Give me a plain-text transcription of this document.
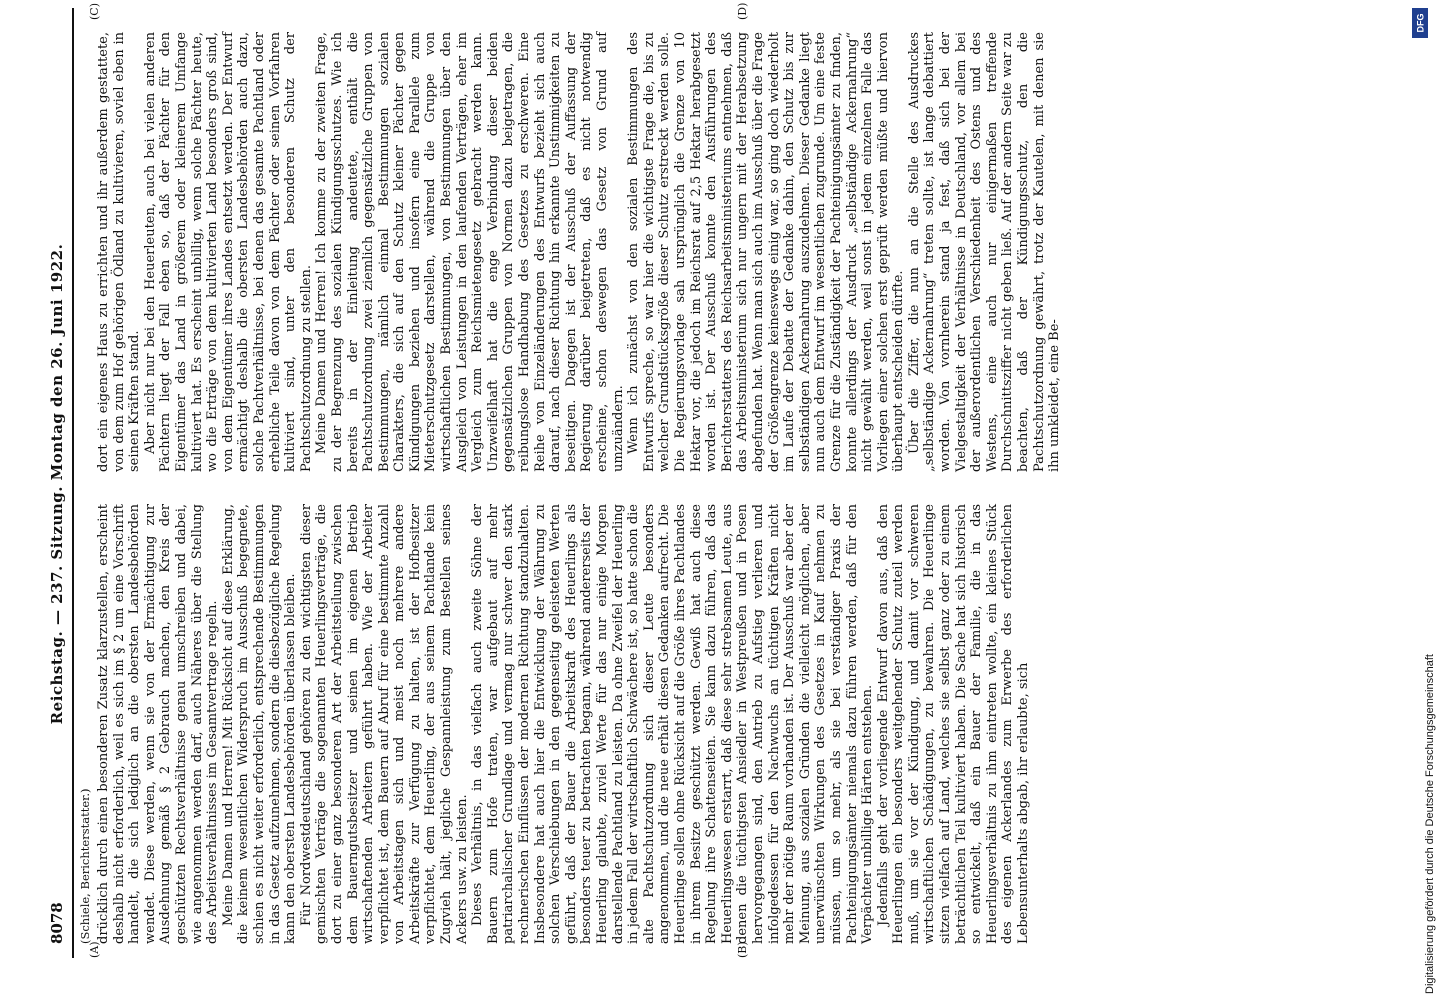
8078
Reichstag. — 237. Sitzung. Montag den 26. Juni 1922.
(Schiele, Berichterstatter.)
(A)	(B)
(C)	(D)

drücklich durch einen besonderen Zusatz klarzustellen, erscheint deshalb nicht erforderlich, weil es sich im § 2 um eine Vorschrift handelt, die sich lediglich an die obersten Landesbehörden wendet. Diese werden, wenn sie von der Ermächtigung zur Ausdehnung gemäß § 2 Gebrauch machen, den Kreis der geschützten Rechtsverhältnisse genau umschreiben und dabei, wie angenommen werden darf, auch Näheres über die Stellung des Arbeitsverhältnisses im Gesamtvertrage regeln. Meine Damen und Herren! Mit Rücksicht auf diese Erklärung, die keinem wesentlichen Widerspruch im Ausschuß begegnete, schien es nicht weiter erforderlich, entsprechende Bestimmungen in das Gesetz aufzunehmen, sondern die diesbezügliche Regelung kann den obersten Landesbehörden überlassen bleiben. Für Nordwestdeutschland gehören zu den wichtigsten dieser gemischten Verträge die sogenannten Heuerlingsverträge, die dort zu einer ganz besonderen Art der Arbeitsteilung zwischen dem Bauerngutsbesitzer und seinen im eigenen Betrieb wirtschaftenden Arbeitern geführt haben. Wie der Arbeiter verpflichtet ist, dem Bauern auf Abruf für eine bestimmte Anzahl von Arbeitstagen sich und meist noch mehrere andere Arbeitskräfte zur Verfügung zu halten, ist der Hofbesitzer verpflichtet, dem Heuerling, der aus seinem Pachtlande kein Zugvieh hält, jegliche Gespannleistung zum Bestellen seines Ackers usw. zu leisten. Dieses Verhältnis, in das vielfach auch zweite Söhne der Bauern zum Hofe traten, war aufgebaut auf mehr patriarchalischer Grundlage und vermag nur schwer den stark rechnerischen Einflüssen der modernen Richtung standzuhalten. Insbesondere hat auch hier die Entwicklung der Währung zu solchen Verschiebungen in den gegenseitig geleisteten Werten geführt, daß der Bauer die Arbeitskraft des Heuerlings als besonders teuer zu betrachten begann, während andererseits der Heuerling glaubte, zuviel Werte für das nur einige Morgen darstellende Pachtland zu leisten. Da ohne Zweifel der Heuerling in jedem Fall der wirtschaftlich Schwächere ist, so hatte schon die alte Pachtschutzordnung sich dieser Leute besonders angenommen, und die neue erhält diesen Gedanken aufrecht. Die Heuerlinge sollen ohne Rücksicht auf die Größe ihres Pachtlandes in ihrem Besitze geschützt werden. Gewiß hat auch diese Regelung ihre Schattenseiten. Sie kann dazu führen, daß das Heuerlingswesen erstarrt, daß diese sehr strebsamen Leute, aus denen die tüchtigsten Ansiedler in Westpreußen und in Posen hervorgegangen sind, den Antrieb zu Aufstieg verlieren und infolgedessen für den Nachwuchs an tüchtigen Kräften nicht mehr der nötige Raum vorhanden ist. Der Ausschuß war aber der Meinung, aus sozialen Gründen die vielleicht möglichen, aber unerwünschten Wirkungen des Gesetzes in Kauf nehmen zu müssen, um so mehr, als sie bei verständiger Praxis der Pachteinigungsämter niemals dazu führen werden, daß für den Verpächter unbillige Härten entstehen. Jedenfalls geht der vorliegende Entwurf davon aus, daß den Heuerlingen ein besonders weitgehender Schutz zuteil werden muß, um sie vor der Kündigung, und damit vor schweren wirtschaftlichen Schädigungen, zu bewahren. Die Heuerlinge sitzen vielfach auf Land, welches sie selbst ganz oder zu einem beträchtlichen Teil kultiviert haben. Die Sache hat sich historisch so entwickelt, daß ein Bauer der Familie, die in das Heuerlingsverhältnis zu ihm eintreten wollte, ein kleines Stück des eigenen Ackerlandes zum Erwerbe des erforderlichen Lebensunterhalts abgab, ihr erlaubte, sich

dort ein eigenes Haus zu errichten und ihr außerdem gestattete, von dem zum Hof gehörigen Ödland zu kultivieren, soviel eben in seinen Kräften stand. Aber nicht nur bei den Heuerleuten, auch bei vielen anderen Pächtern liegt der Fall eben so, daß der Pächter für den Eigentümer das Land in größerem oder kleinerem Umfange kultiviert hat. Es erscheint unbillig, wenn solche Pächter heute, wo die Erträge von dem kultivierten Land besonders groß sind, von dem Eigentümer ihres Landes entsetzt werden. Der Entwurf ermächtigt deshalb die obersten Landesbehörden auch dazu, solche Pachtverhältnisse, bei denen das gesamte Pachtland oder erhebliche Teile davon von dem Pächter oder seinen Vorfahren kultiviert sind, unter den besonderen Schutz der Pachtschutzordnung zu stellen. Meine Damen und Herren! Ich komme zu der zweiten Frage, zu der Begrenzung des sozialen Kündigungsschutzes. Wie ich bereits in der Einleitung andeutete, enthält die Pachtschutzordnung zwei ziemlich gegensätzliche Gruppen von Bestimmungen, nämlich einmal Bestimmungen sozialen Charakters, die sich auf den Schutz kleiner Pächter gegen Kündigungen beziehen und insofern eine Parallele zum Mieterschutzgesetz darstellen, während die Gruppe von wirtschaftlichen Bestimmungen, von Bestimmungen über den Ausgleich von Leistungen in den laufenden Verträgen, eher im Vergleich zum Reichsmietengesetz gebracht werden kann. Unzweifelhaft hat die enge Verbindung dieser beiden gegensätzlichen Gruppen von Normen dazu beigetragen, die reibungslose Handhabung des Gesetzes zu erschweren. Eine Reihe von Einzeländerungen des Entwurfs bezieht sich auch darauf, nach dieser Richtung hin erkannte Unstimmigkeiten zu beseitigen. Dagegen ist der Ausschuß der Auffassung der Regierung darüber beigetreten, daß es nicht notwendig erscheine, schon deswegen das Gesetz von Grund auf umzuändern. Wenn ich zunächst von den sozialen Bestimmungen des Entwurfs spreche, so war hier die wichtigste Frage die, bis zu welcher Grundstücksgröße dieser Schutz erstreckt werden solle. Die Regierungsvorlage sah ursprünglich die Grenze von 10 Hektar vor, die jedoch im Reichsrat auf 2,5 Hektar herabgesetzt worden ist. Der Ausschuß konnte den Ausführungen des Berichterstatters des Reichsarbeitsministeriums entnehmen, daß das Arbeitsministerium sich nur ungern mit der Herabsetzung abgefunden hat. Wenn man sich auch im Ausschuß über die Frage der Größengrenze keineswegs einig war, so ging doch wiederholt im Laufe der Debatte der Gedanke dahin, den Schutz bis zur selbständigen Ackernahrung auszudehnen. Dieser Gedanke liegt nun auch dem Entwurf im wesentlichen zugrunde. Um eine feste Grenze für die Zuständigkeit der Pachteinigungsämter zu finden, konnte allerdings der Ausdruck „selbständige Ackernahrung“ nicht gewählt werden, weil sonst in jedem einzelnen Falle das Vorliegen einer solchen erst geprüft werden müßte und hiervon überhaupt entscheiden dürfte. Über die Ziffer, die nun an die Stelle des Ausdruckes „selbständige Ackernahrung“ treten sollte, ist lange debattiert worden. Von vornherein stand ja fest, daß sich bei der Vielgestaltigkeit der Verhältnisse in Deutschland, vor allem bei der außerordentlichen Verschiedenheit des Ostens und des Westens, eine auch nur einigermaßen treffende Durchschnittsziffer nicht geben ließ. Auf der andern Seite war zu beachten, daß der Kündigungsschutz, den die Pachtschutzordnung gewährt, trotz der Kautelen, mit denen sie ihn umkleidet, eine Be-

DFG
Digitalisierung gefördert durch die Deutsche Forschungsgemeinschaft
